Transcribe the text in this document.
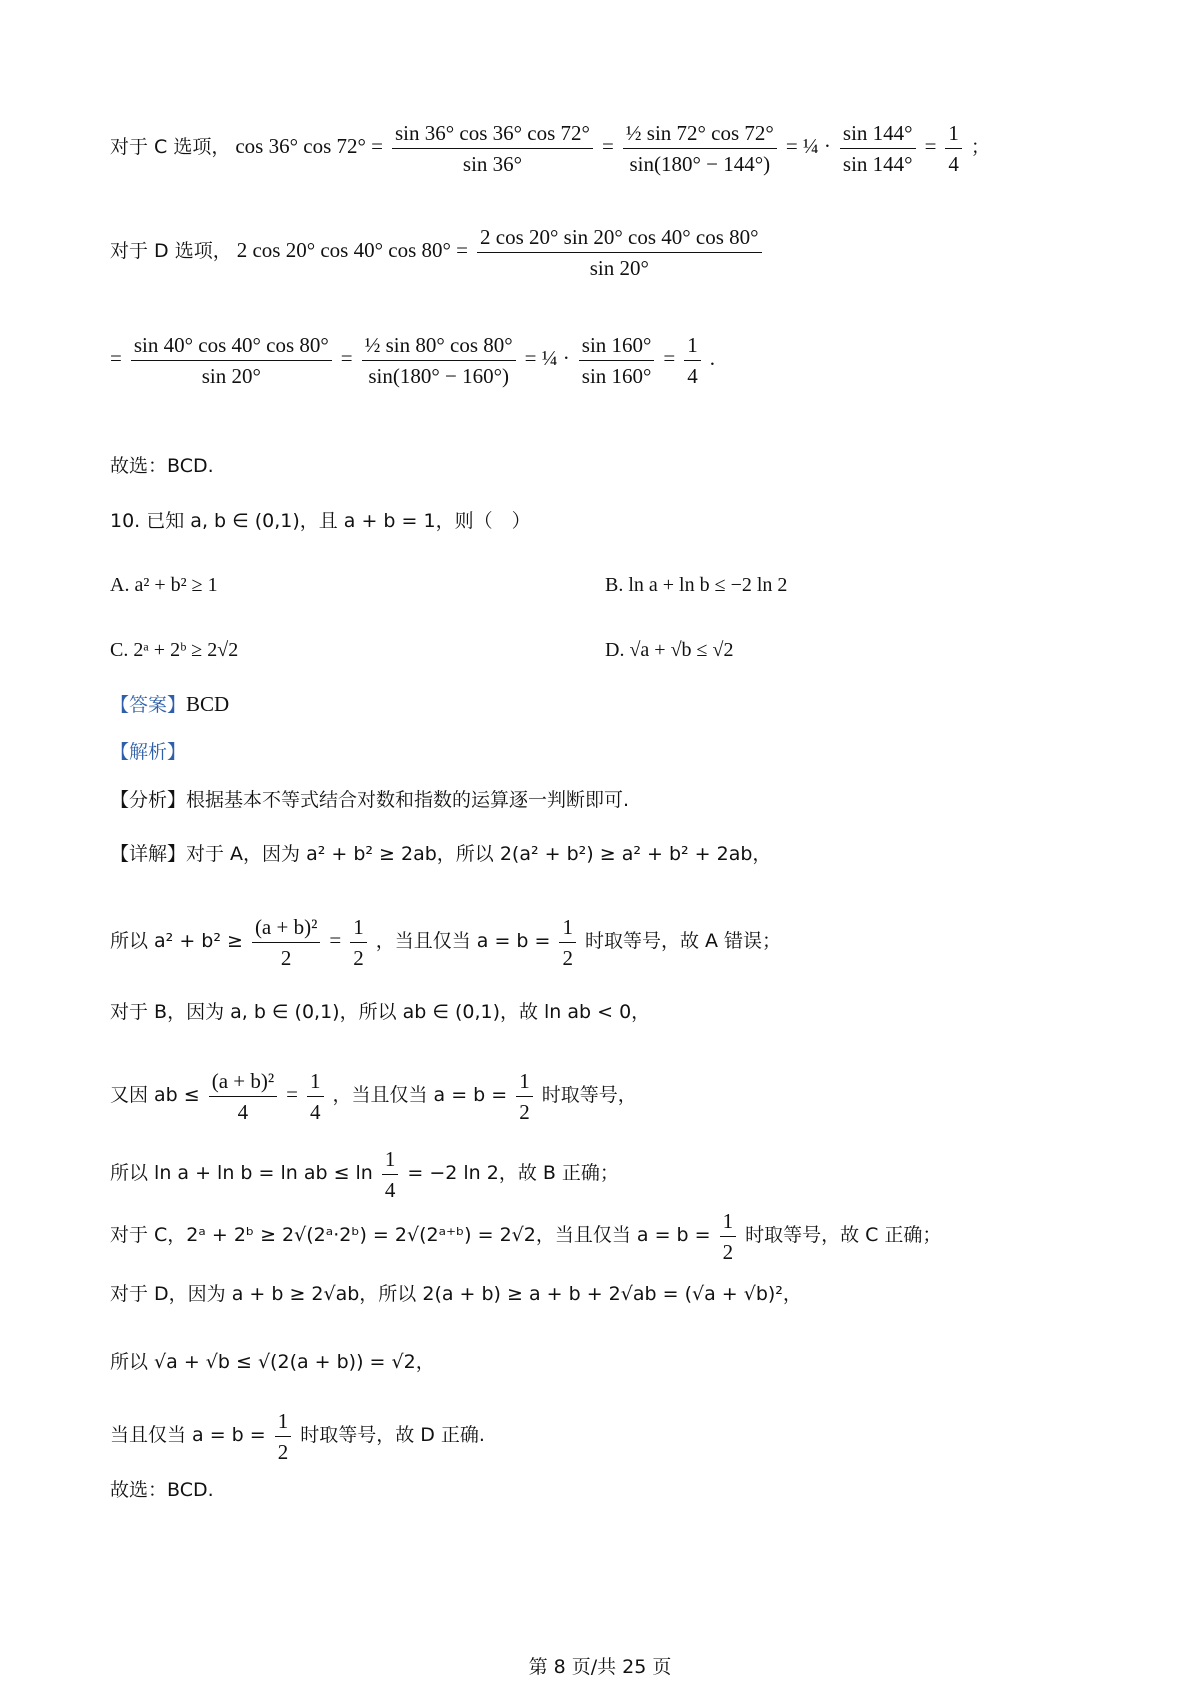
对于 C 选项， cos 36° $\cos 72^\circ = \frac{\sin 36^\circ \cos 36^\circ \cos 72^\circ}{\sin 36^\circ} = \frac{\text{½ sin 72° cos 72°}}{\sin(180^\circ - 144^\circ)}$ = ¼ · $\frac{\sin 144^\circ}{\sin 144^\circ} = \frac{1}{4}$ ；
对于 D 选项， 2 cos 20° cos 40° $\cos 80^\circ = \frac{2 \cos 20^\circ \sin 20^\circ \cos 40^\circ \cos 80^\circ}{\sin 20^\circ}$
= $\frac{\sin 40^\circ \cos 40^\circ \cos 80^\circ}{\sin 20^\circ} = \frac{\text{½ sin 80° cos 80°}}{\sin(180^\circ - 160^\circ)}$ = ¼ · $\frac{\sin 160^\circ}{\sin 160^\circ} = \frac{1}{4}$ .
故选：BCD.
10. 已知 a, b ∈ (0,1)，且 a + b = 1，则（　）
A. a² + b² ≥ 1	B. ln a + ln b ≤ −2 ln 2
C. 2ᵃ + 2ᵇ ≥ 2√2	D. √a + √b ≤ √2
【答案】BCD
【解析】
【分析】根据基本不等式结合对数和指数的运算逐一判断即可.
【详解】对于 A，因为 a² + b² ≥ 2ab，所以 2(a² + b²) ≥ a² + b² + 2ab，
所以 $a^2 + b^2 \ge \frac{\text{(a + b)²}}{2} = \frac{1}{2}$ ，当且仅当 $a = b = \frac{1}{2}$ 时取等号，故 A 错误；
对于 B，因为 a, b ∈ (0,1)，所以 ab ∈ (0,1)，故 ln ab < 0，
又因 ab ≤ $\frac{\text{(a + b)²}}{4} = \frac{1}{4}$ ，当且仅当 $a = b = \frac{1}{2}$ 时取等号，
所以 ln a + ln b = ln ab ≤ $\ln \frac{1}{4} = -2$ ln 2，故 B 正确；
对于 C，2ᵃ + 2ᵇ ≥ 2√(2ᵃ·2ᵇ) = 2√(2ᵃ⁺ᵇ) = 2√2，当且仅当 $a = b = \frac{1}{2}$ 时取等号，故 C 正确；
对于 D，因为 a + b ≥ 2√ab，所以 2(a + b) ≥ a + b + 2√ab = (√a + √b)²，
所以 √a + √b ≤ √(2(a + b)) = √2，
当且仅当 $a = b = \frac{1}{2}$ 时取等号，故 D 正确.
故选：BCD.
第 8 页/共 25 页
